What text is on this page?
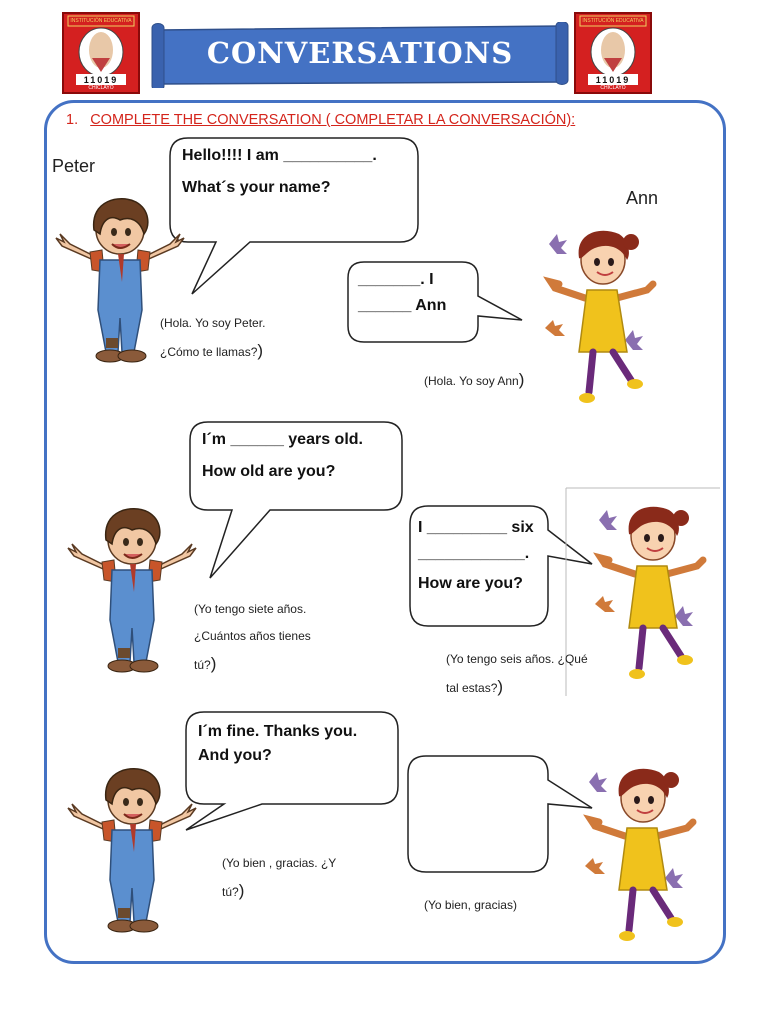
INSTITUCIÓN EDUCATIVA
11019
CHICLAYO
CONVERSATIONS
INSTITUCIÓN EDUCATIVA
11019
CHICLAYO
1. COMPLETE THE CONVERSATION ( COMPLETAR LA CONVERSACIÓN):
Peter
Ann
Hello!!!! I am __________.
What´s your name?
(Hola. Yo soy Peter.
¿Cómo te llamas?)
_______. I
______ Ann
(Hola. Yo soy Ann)
I´m ______ years old.
How old are you?
(Yo tengo siete años.
¿Cuántos años tienes
tú?)
I _________ six
____________.
How are you?
(Yo tengo seis años. ¿Qué
tal estas?)
I´m fine. Thanks you.
And you?
(Yo bien , gracias. ¿Y
tú?)
(Yo bien, gracias)
